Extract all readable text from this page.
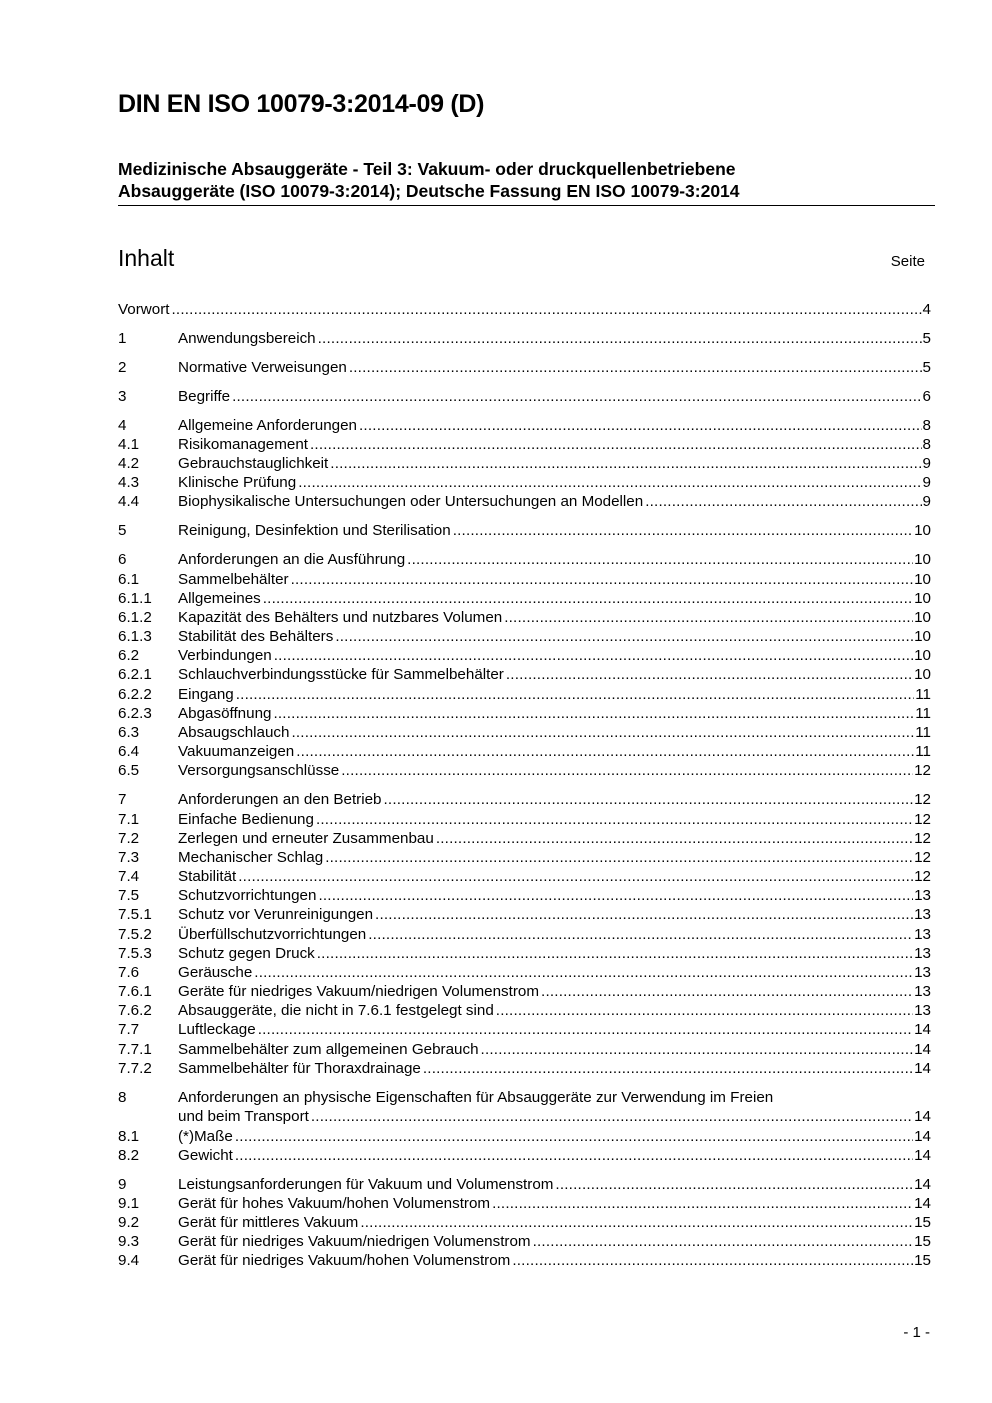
DIN EN ISO 10079-3:2014-09 (D)
Medizinische Absauggeräte - Teil 3: Vakuum- oder druckquellenbetriebene
Absauggeräte (ISO 10079-3:2014); Deutsche Fassung EN ISO 10079-3:2014
Inhalt	Seite
Vorwort .....	4
1	Anwendungsbereich .....	5
2	Normative Verweisungen .....	5
3	Begriffe .....	6
4	Allgemeine Anforderungen .....	8
4.1	Risikomanagement .....	8
4.2	Gebrauchstauglichkeit .....	9
4.3	Klinische Prüfung .....	9
4.4	Biophysikalische Untersuchungen oder Untersuchungen an Modellen .....	9
5	Reinigung, Desinfektion und Sterilisation .....	10
6	Anforderungen an die Ausführung .....	10
6.1	Sammelbehälter .....	10
6.1.1 Allgemeines .....	10
6.1.2 Kapazität des Behälters und nutzbares Volumen .....	10
6.1.3 Stabilität des Behälters .....	10
6.2	Verbindungen .....	10
6.2.1 Schlauchverbindungsstücke für Sammelbehälter .....	10
6.2.2 Eingang .....	11
6.2.3 Abgasöffnung .....	11
6.3	Absaugschlauch .....	11
6.4	Vakuumanzeigen .....	11
6.5	Versorgungsanschlüsse .....	12
7	Anforderungen an den Betrieb .....	12
7.1	Einfache Bedienung .....	12
7.2	Zerlegen und erneuter Zusammenbau .....	12
7.3	Mechanischer Schlag .....	12
7.4	Stabilität .....	12
7.5	Schutzvorrichtungen .....	13
7.5.1 Schutz vor Verunreinigungen .....	13
7.5.2 Überfüllschutzvorrichtungen .....	13
7.5.3 Schutz gegen Druck .....	13
7.6	Geräusche .....	13
7.6.1 Geräte für niedriges Vakuum/niedrigen Volumenstrom .....	13
7.6.2 Absauggeräte, die nicht in 7.6.1 festgelegt sind .....	13
7.7	Luftleckage .....	14
7.7.1 Sammelbehälter zum allgemeinen Gebrauch .....	14
7.7.2 Sammelbehälter für Thoraxdrainage .....	14
8	Anforderungen an physische Eigenschaften für Absauggeräte zur Verwendung im Freien
und beim Transport .....	14
8.1	(*)Maße .....	14
8.2	Gewicht .....	14
9	Leistungsanforderungen für Vakuum und Volumenstrom .....	14
9.1	Gerät für hohes Vakuum/hohen Volumenstrom .....	14
9.2	Gerät für mittleres Vakuum .....	15
9.3	Gerät für niedriges Vakuum/niedrigen Volumenstrom .....	15
9.4	Gerät für niedriges Vakuum/hohen Volumenstrom .....	15
- 1 -
